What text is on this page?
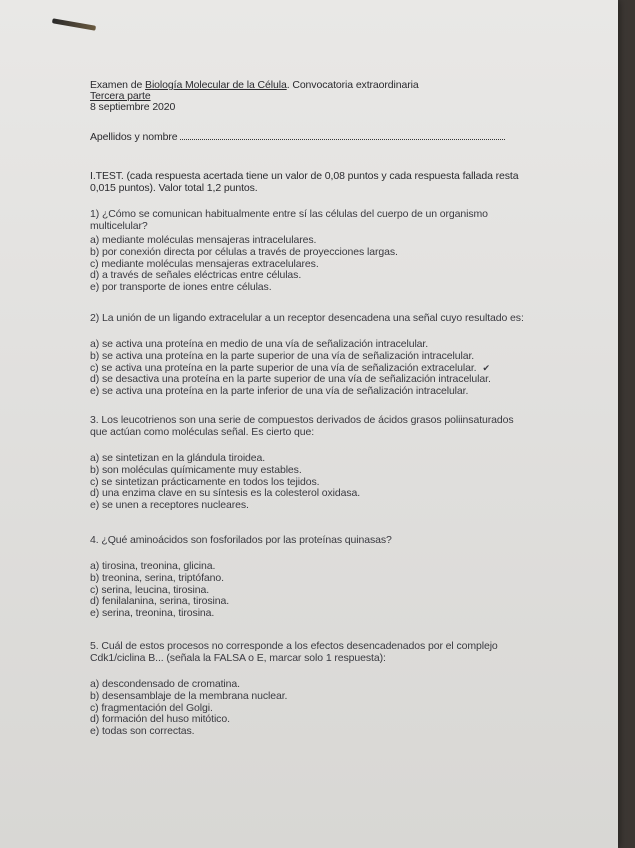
Examen de Biología Molecular de la Célula. Convocatoria extraordinaria
Tercera parte
8 septiembre 2020
Apellidos y nombre

I.TEST. (cada respuesta acertada tiene un valor de 0,08 puntos y cada respuesta fallada resta 0,015 puntos). Valor total 1,2 puntos.

1) ¿Cómo se comunican habitualmente entre sí las células del cuerpo de un organismo multicelular?

a) mediante moléculas mensajeras intracelulares.
b) por conexión directa por células a través de proyecciones largas.
c) mediante moléculas mensajeras extracelulares.
d) a través de señales eléctricas entre células.
e) por transporte de iones entre células.

2) La unión de un ligando extracelular a un receptor desencadena una señal cuyo resultado es:

a) se activa una proteína en medio de una vía de señalización intracelular.
b) se activa una proteína en la parte superior de una vía de señalización intracelular.
c) se activa una proteína en la parte superior de una vía de señalización extracelular. ✔
d) se desactiva una proteína en la parte superior de una vía de señalización intracelular.
e) se activa una proteína en la parte inferior de una vía de señalización intracelular.

3. Los leucotrienos son una serie de compuestos derivados de ácidos grasos poliinsaturados que actúan como moléculas señal. Es cierto que:

a) se sintetizan en la glándula tiroidea.
b) son moléculas químicamente muy estables.
c) se sintetizan prácticamente en todos los tejidos.
d) una enzima clave en su síntesis es la colesterol oxidasa.
e) se unen a receptores nucleares.

4. ¿Qué aminoácidos son fosforilados por las proteínas quinasas?

a) tirosina, treonina, glicina.
b) treonina, serina, triptófano.
c) serina, leucina, tirosina.
d) fenilalanina, serina, tirosina.
e) serina, treonina, tirosina.

5. Cuál de estos procesos no corresponde a los efectos desencadenados por el complejo Cdk1/ciclina B... (señala la FALSA o E, marcar solo 1 respuesta):

a) descondensado de cromatina.
b) desensamblaje de la membrana nuclear.
c) fragmentación del Golgi.
d) formación del huso mitótico.
e) todas son correctas.
